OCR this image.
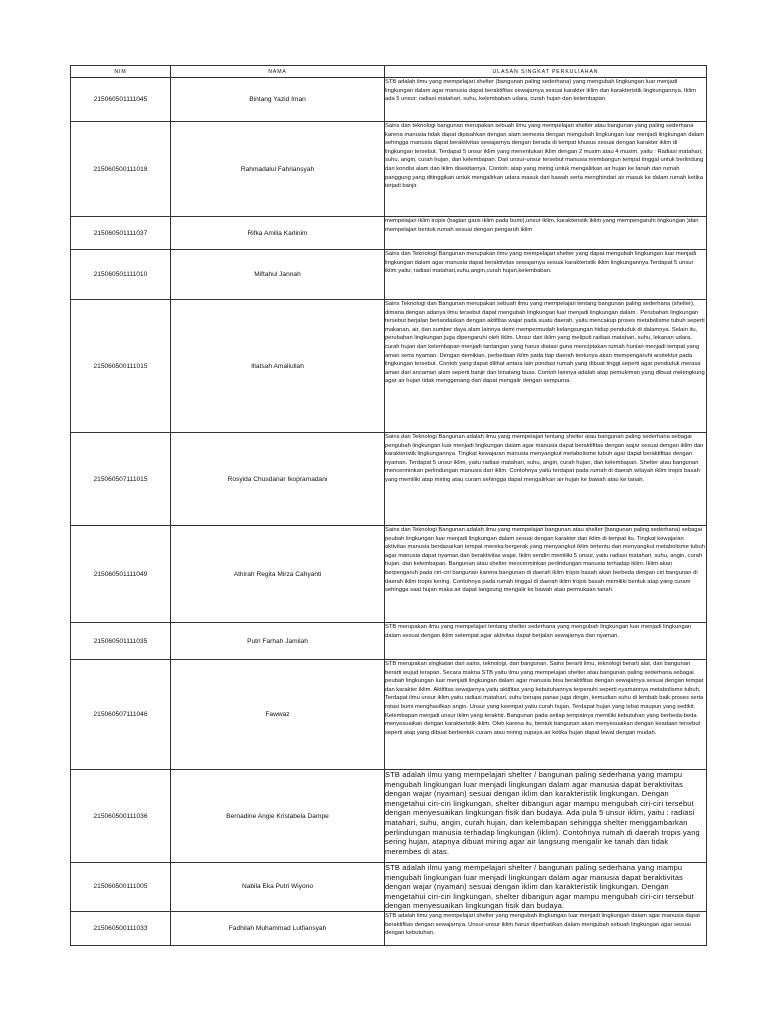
NIM	NAMA	ULASAN SINGKAT PERKULIAHAN
215060501111045	Bintang Yazid Iman	STB adalah ilmu yang mempelajari shelter (bangunan paling sederhana) yang mengubah lingkungan luar menjadi lingkungan dalam agar manusia dapat beraktifitas sewajarnya sesuai karakter iklim dan karakteristik lingkungannya. Iklim ada 5 unsur: radiasi matahari, suhu, kelembaban udara, curah hujan dan kelembapan.
215060500111018	Rahmadalul Fahriansyah	Sains dan teknologi bangunan merupakan sebuah ilmu yang mempelajari shelter atau bangunan yang paling sederhana karena manusia tidak dapat dipisahkan dengan alam semesta dengan mengubah lingkungan luar menjadi lingkungan dalam sehingga manusia dapat beraktivitas sewajarnya dengan berada di tempat khusus sesuai dengan karakter iklim di lingkungan tersebut. Terdapat 5 unsur iklim yang menentukan iklim dengan 2 musim atau 4 musim, yaitu : Radiasi matahari, suhu, angin, curah hujan, dan kelembapan. Dari unsur-unsur tersebut manusia membangun tempat tinggal untuk berlindung dari kondisi alam dan iklim disekitarnya. Contoh: atap yang miring untuk mengalirkan air hujan ke tanah dan rumah panggung yang ditinggikan untuk mengalirkan udara masuk dari bawah serta menghindari air masuk ke dalam rumah ketika terjadi banjir.
215060501111037	Rifka Amilia Karlinim	mempelajari iklim tropis (bagian garis iklim pada bumi),unsur iklim, karakteristik iklim yang mempengaruhi lingkungan )dan mempelajari bentuk rumah sesuai dengan pengaruh iklim
215060501111010	Miftahul Jannah	Sains dan Teknologi Bangunan merupakan ilmu yang mempelajari shelter yang dapat mengubah lingkungan luar menjadi lingkungan dalam agar manusia dapat beraktivitas sewajarnya sesuai karakteristik iklim lingkungannya.Terdapat 5 unsur iklim yaitu; radiasi matahari,suhu,angin,curah hujan,kelembaban.
215060500111015	Illatsah Amaliullah	Sains Teknologi dan Bangunan merupakan sebuah ilmu yang mempelajari tentang bangunan paling sederhana (shelter), dimana dengan adanya ilmu tersebut dapat mengubah lingkungan luar menjadi lingkungan dalam . Perubahan lingkungan tersebut berjalan berlandaskan dengan aktifitas wajar pada suatu daerah, yaitu mencakup proses metabolisme tubuh seperti makanan, air, dan sumber daya alam lainnya demi mempermudah kelangsungan hidup penduduk di dalamnya. Selain itu, perubahan lingkungan juga dipengaruhi oleh iklim. Unsur dari iklim yang meliputi radiasi matahari, suhu, lekanan udara, curah hujan dan kelembapan menjadi tantangan yang harus diatasi guna menciptakan rumah hunian menjadi tempat yang aman serta nyaman. Dengan demikian, perbedaan iklim pada tiap daerah tentunya akan mempengaruhi arsitektur pada lingkungan tersebut. Contoh yang dapat dilihat antara lain pondasi rumah yang dibuat tinggi seperti agar penduduk merasa aman dari ancaman alam seperti banjir dan binatang buas. Contoh lainnya adalah atap pemukiman yang dibuat melengkung agar air hujan tidak menggenang dan dapat mengalir dengan sempurna.
215060507111015	Rosyida Chusdanar Ikopramadani	Sains dan Teknologi Bangunan adalah ilmu yang mempelajari tentang shelter atau bangunan paling sederhana sebagai pengubah lingkungan luar menjadi lingkungan dalam agar manusia dapat beraktifitas dengan wajar sesuai dengan iklim dan karakteristik lingkungannya. Tingkat kewajaran manusia menyangkut metabolisme tubuh agar dapat beraktifitas dengan nyaman. Terdapat 5 unsur iklim, yaitu radiasi matahari, suhu, angin, curah hujan, dan kelembapan. Shelter atau bangunan mencerminkan perlindungan manusia dari iklim. Contohnya yaitu terdapat pada rumah di daerah wilayah iklim tropis basah yang memiliki atap miring atau curam sehingga dapat mengalirkan air hujan ke bawah atau ke tanah.
215060501111049	Athirah Regita Mirza Cahyanti	Sains dan Teknologi Bangunan adalah ilmu yang mempelajari bangunan atau shelter (bangunan paling sederhana) sebagai peubah lingkungan luar menjadi lingkungan dalam sesuai dengan karakter dan iklim di tempat itu. Tingkat kewajaran aktivitas manusia berdasarkan tempat mereka bergerak yang menyangkut iklim tertentu dan menyangkut metabolisme tubuh agar manusia dapat nyaman dan beraktivitas wajar. Iklim sendiri memiliki 5 unsur, yaitu radiasi matahari, suhu, angin, curah hujan, dan kelembapan. Bangunan atau shelter mencerminkan perlindungan manusia terhadap iklim. Iklim akan berpengaruh pada ciri-ciri bangunan karena bangunan di daerah iklim tropis basah akan berbeda dengan ciri bangunan di daerah iklim tropis kering. Contohnya pada rumah tinggal di daerah iklim tropis basah memiliki bentuk atap yang curam sehingga saat hujan maka air dapat langsung mengalir ke bawah atau permukaan tanah.
215060501111035	Putri Farhah Jamilah	STB merupakan ilmu yang mempelajari tentang shelter sederhana yang mengubah lingkungan luar menjadi lingkungan dalam sesuai dengan iklim setempat agar aktivitas dapat berjalan sewajarnya dan nyaman.
215060507111046	Fawwaz	STB merupakan singkatan dari sains, teknologi, dan bangunan. Sains berarti ilmu, teknologi berarti alat, dan bangunan berarti wujud terapan. Secara makna STB yaitu ilmu yang mempelajari shelter atau bangunan paling sederhana sebagai peubah lingkungan luar menjadi lingkungan dalam agar manusia bisa beraktifitas dengan sewajarnya sesuai dengan tempat dan karakter iklim. Aktifitas sewajarnya yaitu aktifitas yang kebutuhannya terpenuhi seperti nyamannya metabolisme tubuh. Terdapat ilmu unsur iklim yaitu radiasi matahari, suhu berupa panas juga dingin, kemudian suhu di lembab baik proses serta rotasi bumi menghasilkan angin. Unsur yang keempat yaitu curah hujan. Terdapat hujan yang lebat maupun yang sedikit. Kelembapan menjadi unsur iklim yang terakhir. Bangunan pada setiap tempatnya memiliki kebutuhan yang berbeda-beda menyesuaikan dengan karakteristik iklim. Oleh karena itu, bentuk bangunan akan menyesuaikan dengan keadaan tersebut seperti atap yang dibuat berbentuk curam atau miring supaya air ketika hujan dapat lewat dengan mudah.
215060500111036	Bernadine Angie Kristabela Dampe	STB adalah ilmu yang mempelajari shelter / bangunan paling sederhana yang mampu mengubah lingkungan luar menjadi lingkungan dalam agar manusia dapat beraktivitas dengan wajar (nyaman) sesuai dengan iklim dan karakteristik lingkungan. Dengan mengetahui ciri-ciri lingkungan, shelter dibangun agar mampu mengubah ciri-ciri tersebut dengan menyesuaikan lingkungan fisik dan budaya. Ada pula 5 unsur iklim, yaitu : radiasi matahari, suhu, angin, curah hujan, dan kelembapan sehingga shelter menggambarkan perlindungan manusia terhadap lingkungan (iklim). Contohnya rumah di daerah tropis yang sering hujan, atapnya dibuat miring agar air langsung mengalir ke tanah dan tidak merembes di atas.
215060500111005	Nabila Eka Putri Wiyono	STB adalah ilmu yang mempelajari shelter / bangunan paling sederhana yang mampu mengubah lingkungan luar menjadi lingkungan dalam agar manusia dapat beraktivitas dengan wajar (nyaman) sesuai dengan iklim dan karakteristik lingkungan. Dengan mengetahui ciri-ciri lingkungan, shelter dibangun agar mampu mengubah ciri-ciri tersebut dengan menyesuaikan lingkungan fisik dan budaya.
215060500111033	Fadhilah Muhammad Lutfiansyah	STB adalah ilmu yang mempelajari shelter yang mengubah lingkungan luar menjadi lingkungan dalam agar manusia dapat beraktifitas dengan sewajarnya. Unsur-unsur iklim harus diperhatikan dalam mengubah sebuah lingkungan agar sesuai dengan kebutuhan.
